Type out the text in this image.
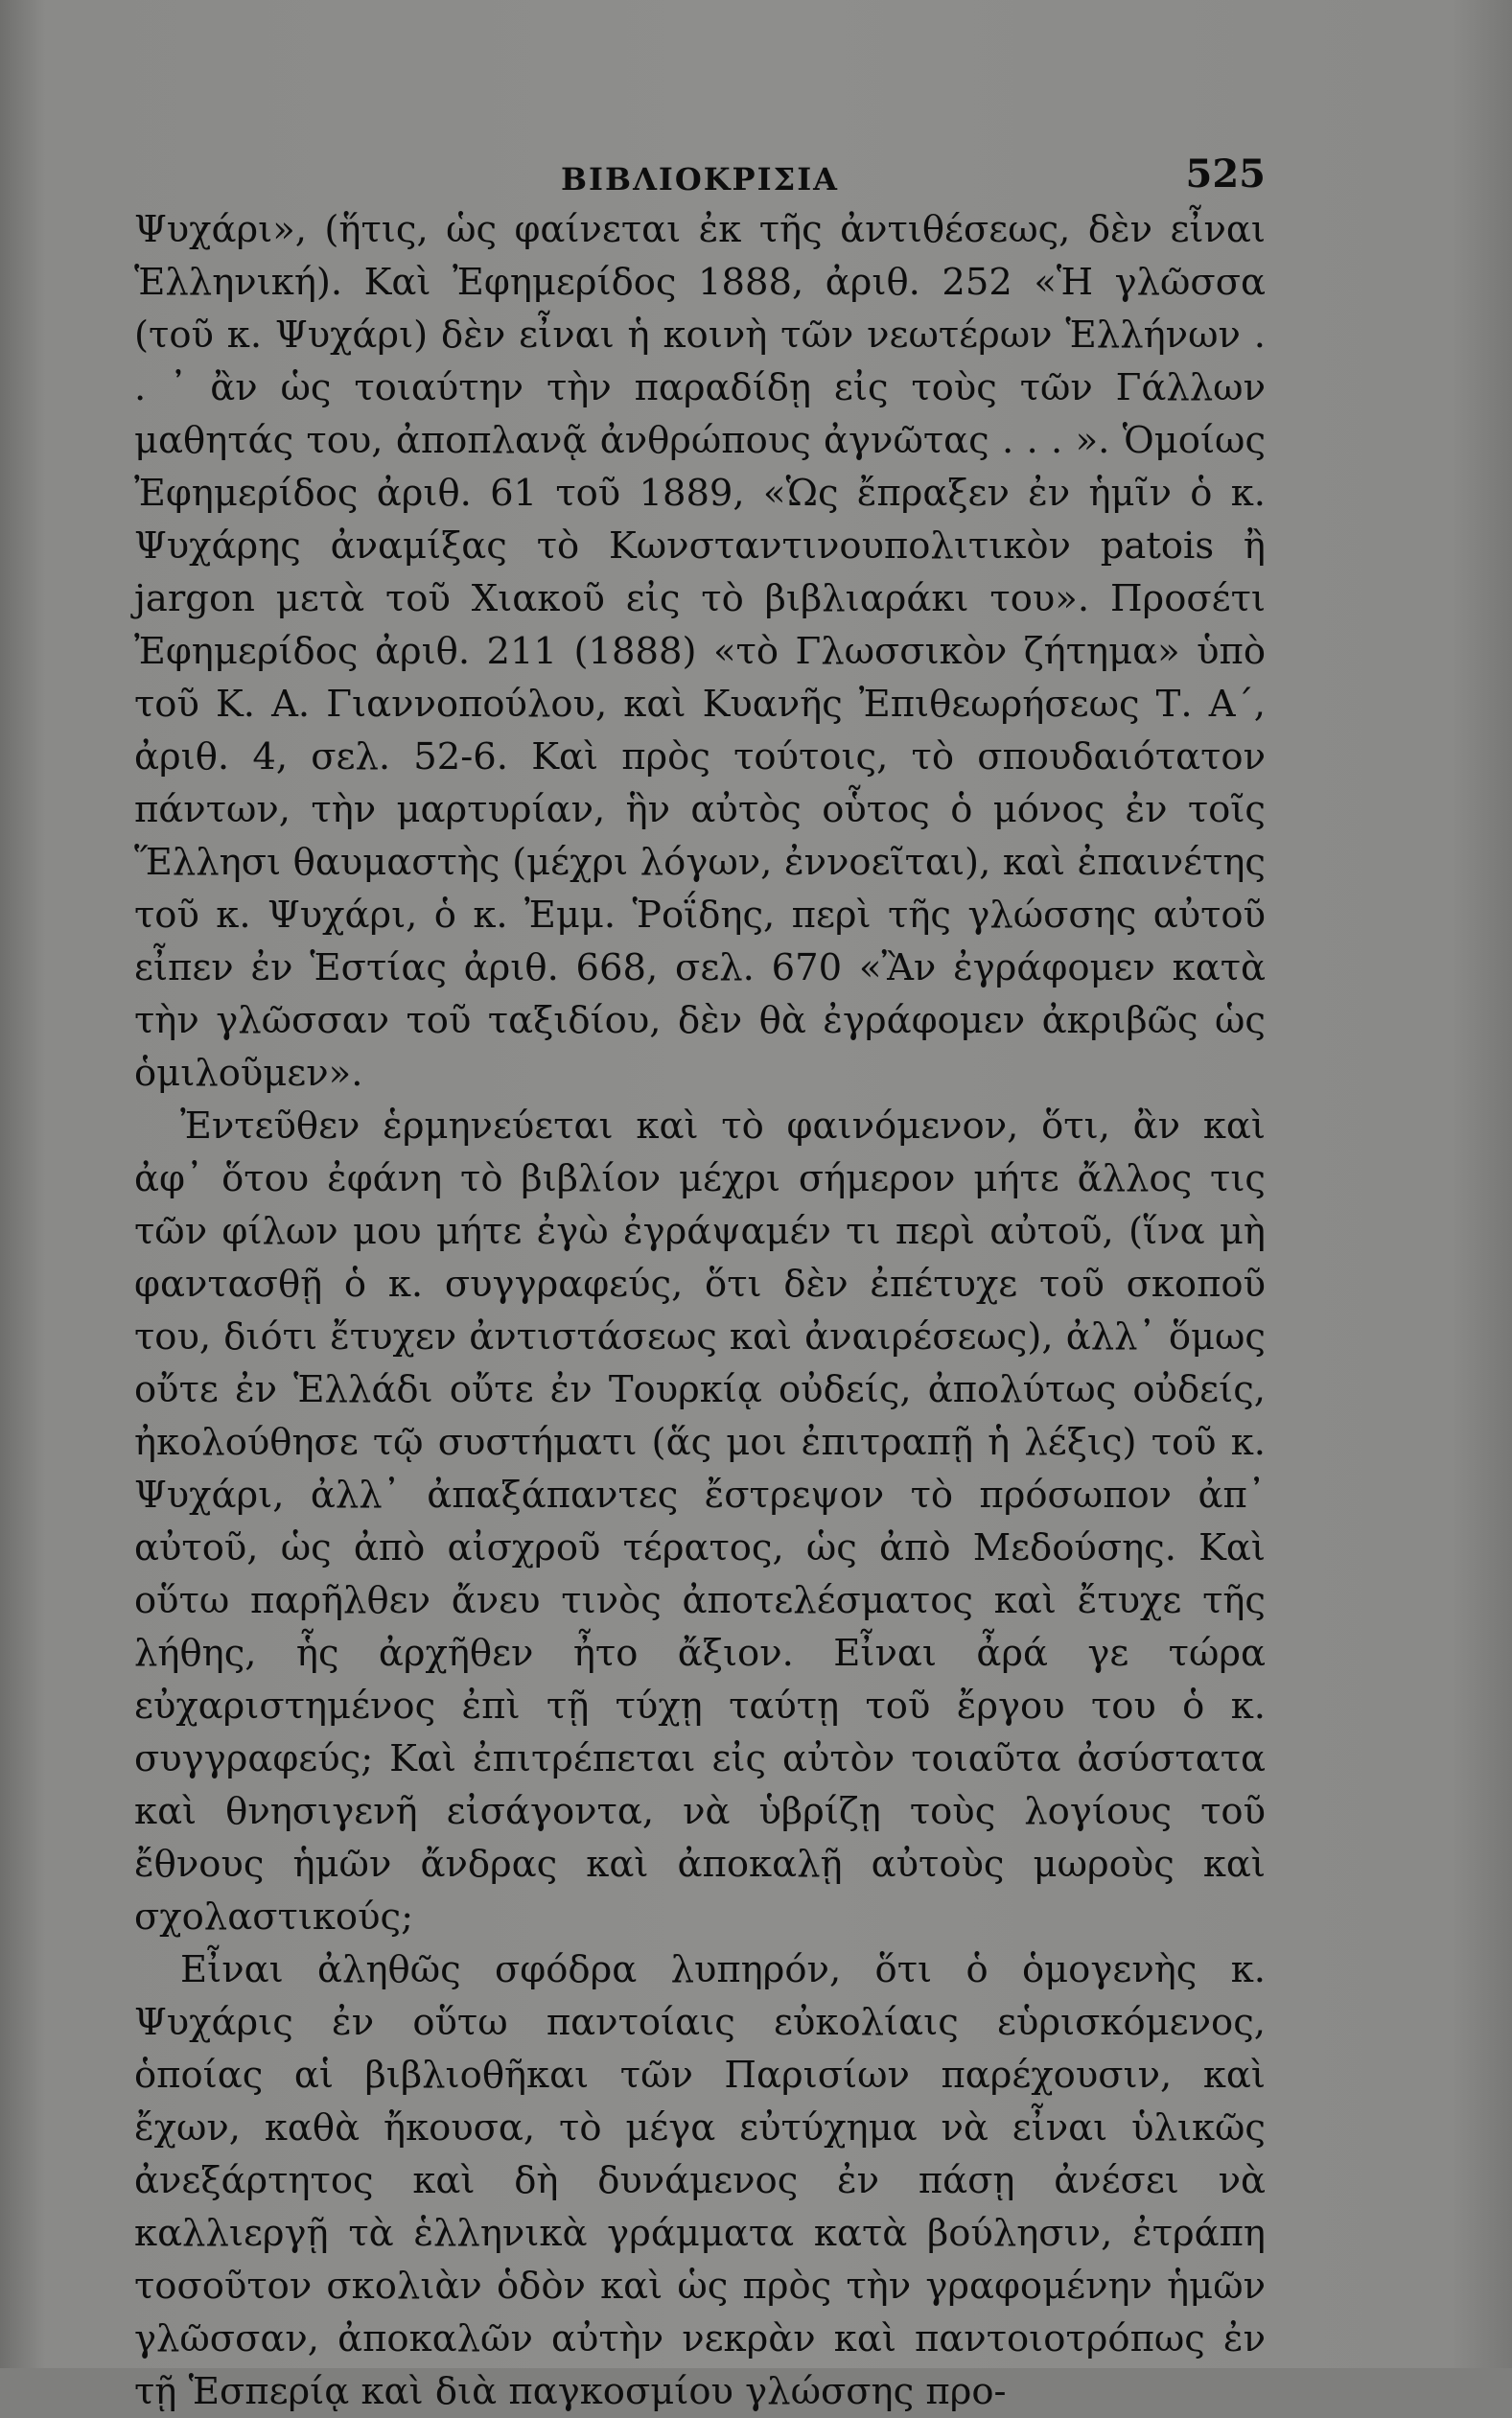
ΒΙΒΛΙΟΚΡΙΣΙΑ	525

Ψυχάρι», (ἥτις, ὡς φαίνεται ἐκ τῆς ἀντιθέσεως, δὲν εἶναι Ἑλληνική). Καὶ Ἐφημερίδος 1888, ἀριθ. 252 «Ἡ γλῶσσα (τοῦ κ. Ψυχάρι) δὲν εἶναι ἡ κοινὴ τῶν νεωτέρων Ἑλλήνων . . ᾿ ἂν ὡς τοιαύτην τὴν παραδίδῃ εἰς τοὺς τῶν Γάλλων μαθητάς του, ἀποπλανᾷ ἀνθρώπους ἀγνῶτας . . . ». Ὁμοίως Ἐφημερίδος ἀριθ. 61 τοῦ 1889, «Ὡς ἔπραξεν ἐν ἡμῖν ὁ κ. Ψυχάρης ἀναμίξας τὸ Κωνσταντινουπολιτικὸν patois ἢ jargon μετὰ τοῦ Χιακοῦ εἰς τὸ βιβλιαράκι του». Προσέτι Ἐφημερίδος ἀριθ. 211 (1888) «τὸ Γλωσσικὸν ζήτημα» ὑπὸ τοῦ Κ. Α. Γιαννοπούλου, καὶ Κυανῆς Ἐπιθεωρήσεως Τ. Α΄, ἀριθ. 4, σελ. 52-6. Καὶ πρὸς τούτοις, τὸ σπουδαιότατον πάντων, τὴν μαρτυρίαν, ἣν αὐτὸς οὗτος ὁ μόνος ἐν τοῖς Ἕλλησι θαυμαστὴς (μέχρι λόγων, ἐννοεῖται), καὶ ἐπαινέτης τοῦ κ. Ψυχάρι, ὁ κ. Ἐμμ. Ῥοΐδης, περὶ τῆς γλώσσης αὐτοῦ εἶπεν ἐν Ἑστίας ἀριθ. 668, σελ. 670 «Ἂν ἐγράφομεν κατὰ τὴν γλῶσσαν τοῦ ταξιδίου, δὲν θὰ ἐγράφομεν ἀκριβῶς ὡς ὁμιλοῦμεν».

Ἐντεῦθεν ἑρμηνεύεται καὶ τὸ φαινόμενον, ὅτι, ἂν καὶ ἀφ᾿ ὅτου ἐφάνη τὸ βιβλίον μέχρι σήμερον μήτε ἄλλος τις τῶν φίλων μου μήτε ἐγὼ ἐγράψαμέν τι περὶ αὐτοῦ, (ἵνα μὴ φαντασθῇ ὁ κ. συγγραφεύς, ὅτι δὲν ἐπέτυχε τοῦ σκοποῦ του, διότι ἔτυχεν ἀντιστάσεως καὶ ἀναιρέσεως), ἀλλ᾿ ὅμως οὔτε ἐν Ἑλλάδι οὔτε ἐν Τουρκίᾳ οὐδείς, ἀπολύτως οὐδείς, ἠκολούθησε τῷ συστήματι (ἅς μοι ἐπιτραπῇ ἡ λέξις) τοῦ κ. Ψυχάρι, ἀλλ᾿ ἀπαξάπαντες ἔστρεψον τὸ πρόσωπον ἀπ᾿ αὐτοῦ, ὡς ἀπὸ αἰσχροῦ τέρατος, ὡς ἀπὸ Μεδούσης. Καὶ οὕτω παρῆλθεν ἄνευ τινὸς ἀποτελέσματος καὶ ἔτυχε τῆς λήθης, ἧς ἀρχῆθεν ἦτο ἄξιον. Εἶναι ἆρά γε τώρα εὐχαριστημένος ἐπὶ τῇ τύχῃ ταύτῃ τοῦ ἔργου του ὁ κ. συγγραφεύς; Καὶ ἐπιτρέπεται εἰς αὐτὸν τοιαῦτα ἀσύστατα καὶ θνησιγενῆ εἰσάγοντα, νὰ ὑβρίζῃ τοὺς λογίους τοῦ ἔθνους ἡμῶν ἄνδρας καὶ ἀποκαλῇ αὐτοὺς μωροὺς καὶ σχολαστικούς;

Εἶναι ἀληθῶς σφόδρα λυπηρόν, ὅτι ὁ ὁμογενὴς κ. Ψυχάρις ἐν οὕτω παντοίαις εὐκολίαις εὑρισκόμενος, ὁποίας αἱ βιβλιοθῆκαι τῶν Παρισίων παρέχουσιν, καὶ ἔχων, καθὰ ἤκουσα, τὸ μέγα εὐτύχημα νὰ εἶναι ὑλικῶς ἀνεξάρτητος καὶ δὴ δυνάμενος ἐν πάσῃ ἀνέσει νὰ καλλιεργῇ τὰ ἑλληνικὰ γράμματα κατὰ βούλησιν, ἐτράπη τοσοῦτον σκολιὰν ὁδὸν καὶ ὡς πρὸς τὴν γραφομένην ἡμῶν γλῶσσαν, ἀποκαλῶν αὐτὴν νεκρὰν καὶ παντοιοτρόπως ἐν τῇ Ἑσπερίᾳ καὶ διὰ παγκοσμίου γλώσσης προ-
